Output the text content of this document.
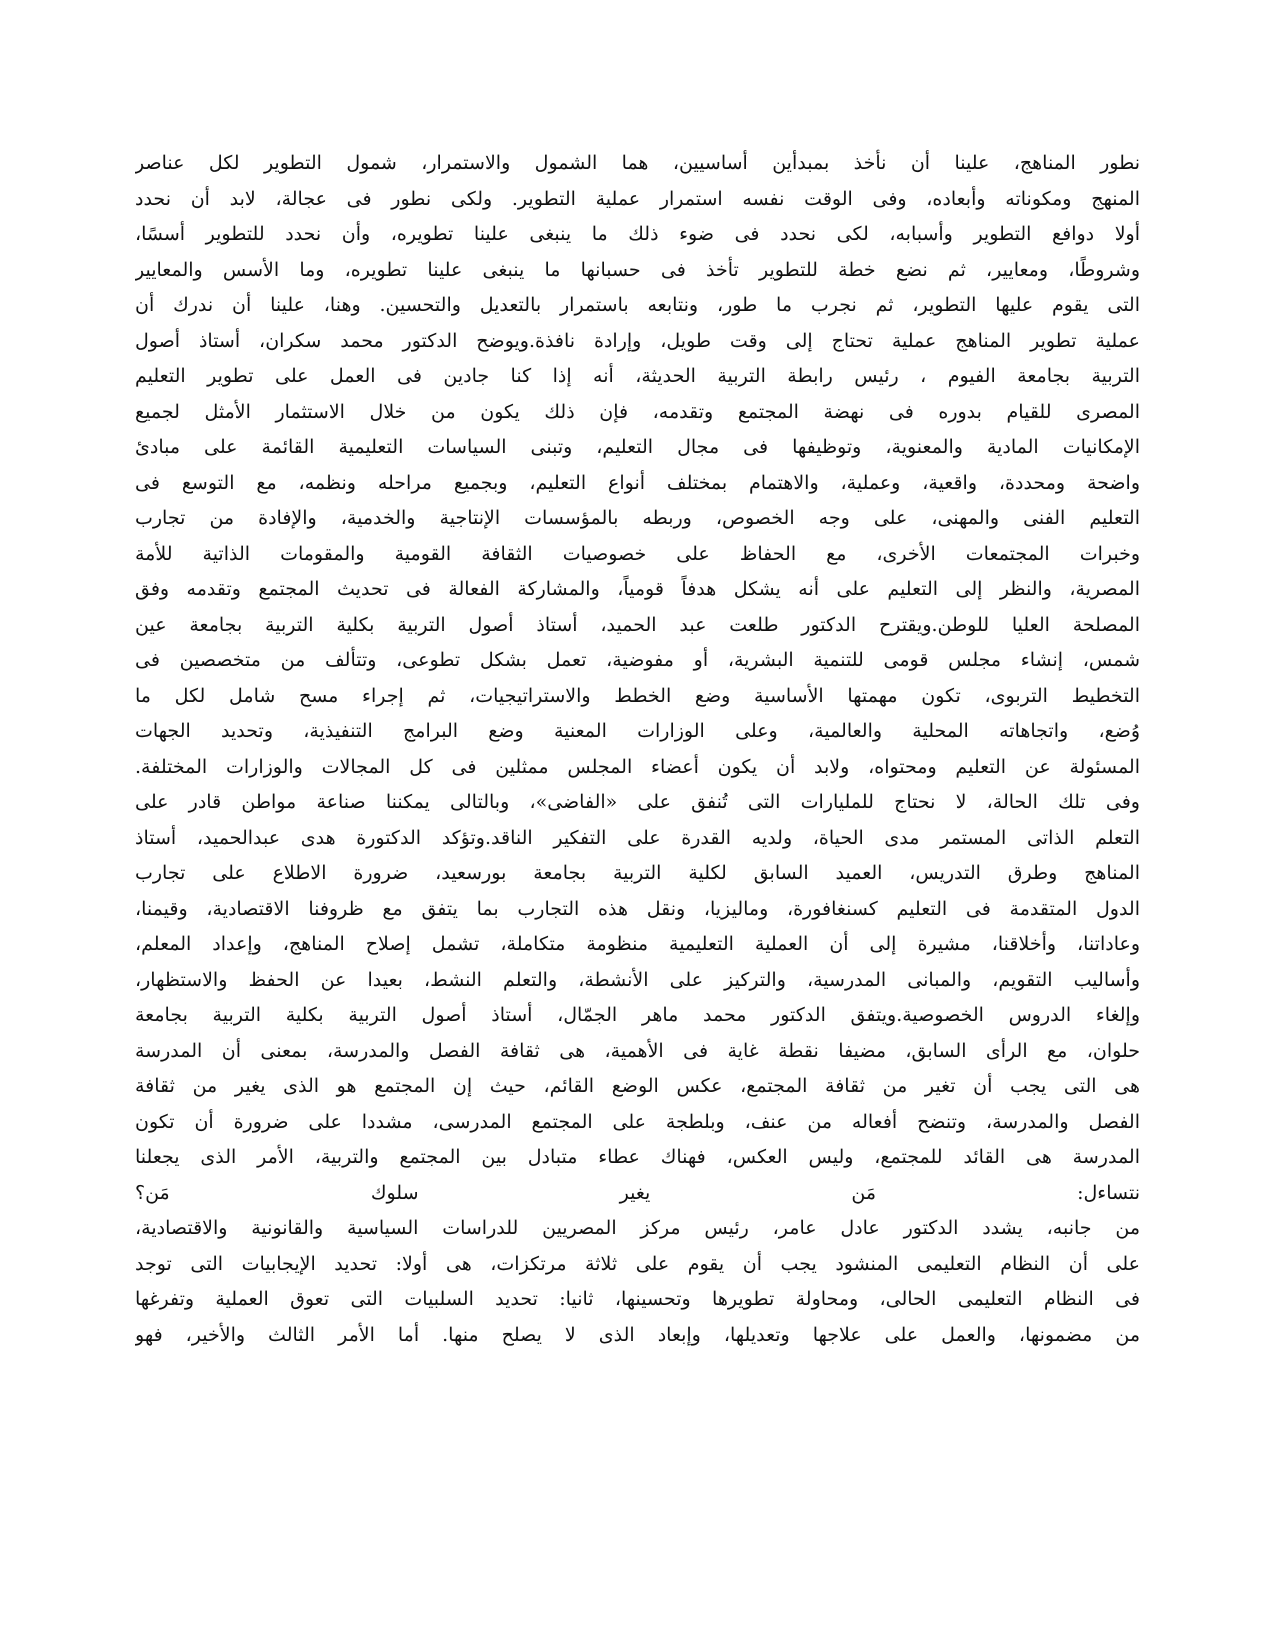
نطور المناهج، علينا أن نأخذ بمبدأين أساسيين، هما الشمول والاستمرار، شمول التطوير لكل عناصر
المنهج ومكوناته وأبعاده، وفى الوقت نفسه استمرار عملية التطوير. ولكى نطور فى عجالة، لابد أن نحدد
أولا دوافع التطوير وأسبابه، لكى نحدد فى ضوء ذلك ما ينبغى علينا تطويره، وأن نحدد للتطوير أسسًا،
وشروطًا، ومعايير، ثم نضع خطة للتطوير تأخذ فى حسبانها ما ينبغى علينا تطويره، وما الأسس والمعايير
التى يقوم عليها التطوير، ثم نجرب ما طور، ونتابعه باستمرار بالتعديل والتحسين. وهنا، علينا أن ندرك أن
عملية تطوير المناهج عملية تحتاج إلى وقت طويل، وإرادة نافذة.ويوضح الدكتور محمد سكران، أستاذ أصول
التربية بجامعة الفيوم ، رئيس رابطة التربية الحديثة، أنه إذا كنا جادين فى العمل على تطوير التعليم
المصرى للقيام بدوره فى نهضة المجتمع وتقدمه، فإن ذلك يكون من خلال الاستثمار الأمثل لجميع
الإمكانيات المادية والمعنوية، وتوظيفها فى مجال التعليم، وتبنى السياسات التعليمية القائمة على مبادئ
واضحة ومحددة، واقعية، وعملية، والاهتمام بمختلف أنواع التعليم، وبجميع مراحله ونظمه، مع التوسع فى
التعليم الفنى والمهنى، على وجه الخصوص، وربطه بالمؤسسات الإنتاجية والخدمية، والإفادة من تجارب
وخبرات المجتمعات الأخرى، مع الحفاظ على خصوصيات الثقافة القومية والمقومات الذاتية للأمة
المصرية، والنظر إلى التعليم على أنه يشكل هدفاً قومياً، والمشاركة الفعالة فى تحديث المجتمع وتقدمه وفق
المصلحة العليا للوطن.ويقترح الدكتور طلعت عبد الحميد، أستاذ أصول التربية بكلية التربية بجامعة عين
شمس، إنشاء مجلس قومى للتنمية البشرية، أو مفوضية، تعمل بشكل تطوعى، وتتألف من متخصصين فى
التخطيط التربوى، تكون مهمتها الأساسية وضع الخطط والاستراتيجيات، ثم إجراء مسح شامل لكل ما
وُضع، واتجاهاته المحلية والعالمية، وعلى الوزارات المعنية وضع البرامج التنفيذية، وتحديد الجهات
المسئولة عن التعليم ومحتواه، ولابد أن يكون أعضاء المجلس ممثلين فى كل المجالات والوزارات المختلفة.
وفى تلك الحالة، لا نحتاج للمليارات التى تُنفق على «الفاضى»، وبالتالى يمكننا صناعة مواطن قادر على
التعلم الذاتى المستمر مدى الحياة، ولديه القدرة على التفكير الناقد.وتؤكد الدكتورة هدى عبدالحميد، أستاذ
المناهج وطرق التدريس، العميد السابق لكلية التربية بجامعة بورسعيد، ضرورة الاطلاع على تجارب
الدول المتقدمة فى التعليم كسنغافورة، وماليزيا، ونقل هذه التجارب بما يتفق مع ظروفنا الاقتصادية، وقيمنا،
وعاداتنا، وأخلاقنا، مشيرة إلى أن العملية التعليمية منظومة متكاملة، تشمل إصلاح المناهج، وإعداد المعلم،
وأساليب التقويم، والمبانى المدرسية، والتركيز على الأنشطة، والتعلم النشط، بعيدا عن الحفظ والاستظهار،
وإلغاء الدروس الخصوصية.ويتفق الدكتور محمد ماهر الجمّال، أستاذ أصول التربية بكلية التربية بجامعة
حلوان، مع الرأى السابق، مضيفا نقطة غاية فى الأهمية، هى ثقافة الفصل والمدرسة، بمعنى أن المدرسة
هى التى يجب أن تغير من ثقافة المجتمع، عكس الوضع القائم، حيث إن المجتمع هو الذى يغير من ثقافة
الفصل والمدرسة، وتنضح أفعاله من عنف، وبلطجة على المجتمع المدرسى، مشددا على ضرورة أن تكون
المدرسة هى القائد للمجتمع، وليس العكس، فهناك عطاء متبادل بين المجتمع والتربية، الأمر الذى يجعلنا
نتساءل: مَن يغير سلوك مَن؟
من جانبه، يشدد الدكتور عادل عامر، رئيس مركز المصريين للدراسات السياسية والقانونية والاقتصادية،
على أن النظام التعليمى المنشود يجب أن يقوم على ثلاثة مرتكزات، هى أولا: تحديد الإيجابيات التى توجد
فى النظام التعليمى الحالى، ومحاولة تطويرها وتحسينها، ثانيا: تحديد السلبيات التى تعوق العملية وتفرغها
من مضمونها، والعمل على علاجها وتعديلها، وإبعاد الذى لا يصلح منها. أما الأمر الثالث والأخير، فهو
